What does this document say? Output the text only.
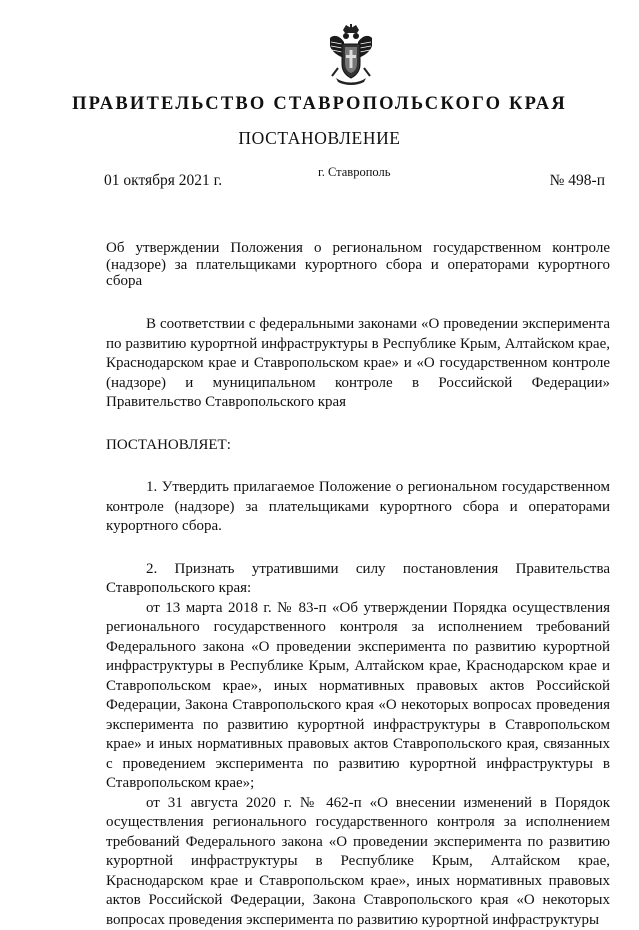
ПРАВИТЕЛЬСТВО СТАВРОПОЛЬСКОГО КРАЯ
ПОСТАНОВЛЕНИЕ
01 октября 2021 г.	г. Ставрополь	№ 498-п
Об утверждении Положения о региональном государственном контроле (надзоре) за плательщиками курортного сбора и операторами курортного сбора

В соответствии с федеральными законами «О проведении эксперимента по развитию курортной инфраструктуры в Республике Крым, Алтайском крае, Краснодарском крае и Ставропольском крае» и «О государственном контроле (надзоре) и муниципальном контроле в Российской Федерации» Правительство Ставропольского края

ПОСТАНОВЛЯЕТ:

1. Утвердить прилагаемое Положение о региональном государственном контроле (надзоре) за плательщиками курортного сбора и операторами курортного сбора.

2. Признать утратившими силу постановления Правительства Ставропольского края:

от 13 марта 2018 г. № 83-п «Об утверждении Порядка осуществления регионального государственного контроля за исполнением требований Федерального закона «О проведении эксперимента по развитию курортной инфраструктуры в Республике Крым, Алтайском крае, Краснодарском крае и Ставропольском крае», иных нормативных правовых актов Российской Федерации, Закона Ставропольского края «О некоторых вопросах проведения эксперимента по развитию курортной инфраструктуры в Ставропольском крае» и иных нормативных правовых актов Ставропольского края, связанных с проведением эксперимента по развитию курортной инфраструктуры в Ставропольском крае»;

от 31 августа 2020 г. № 462-п «О внесении изменений в Порядок осуществления регионального государственного контроля за исполнением требований Федерального закона «О проведении эксперимента по развитию курортной инфраструктуры в Республике Крым, Алтайском крае, Краснодарском крае и Ставропольском крае», иных нормативных правовых актов Российской Федерации, Закона Ставропольского края «О некоторых вопросах проведения эксперимента по развитию курортной инфраструктуры
